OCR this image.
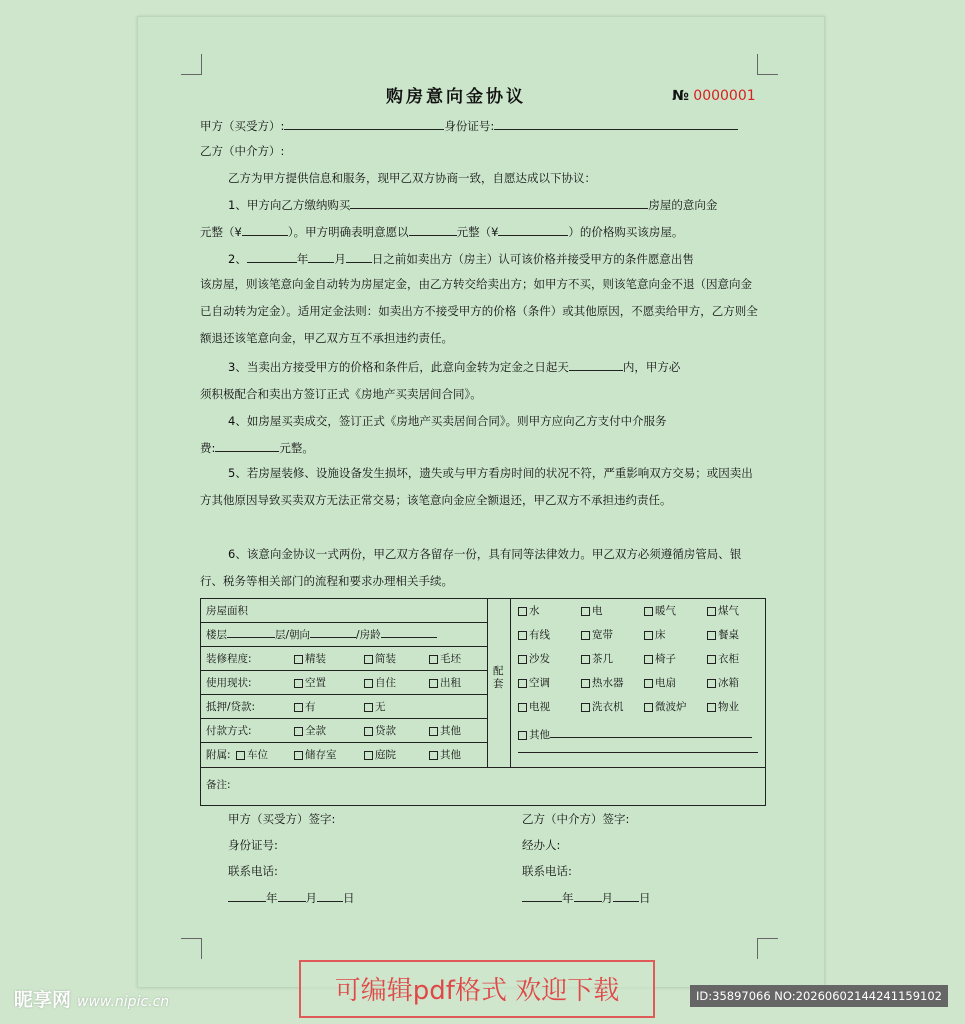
购房意向金协议	№ 0000001
甲方（买受方）:	身份证号:
乙方（中介方）:
乙方为甲方提供信息和服务，现甲乙双方协商一致，自愿达成以下协议：
1、甲方向乙方缴纳购买	房屋的意向金
元整（¥	）。甲方明确表明意愿以	元整（¥	）的价格购买该房屋。
2、	年 月 日之前如卖出方（房主）认可该价格并接受甲方的条件愿意出售
该房屋，则该笔意向金自动转为房屋定金，由乙方转交给卖出方；如甲方不买，则该笔意向金不退（因意向金已自动转为定金）。适用定金法则：如卖出方不接受甲方的价格（条件）或其他原因，不愿卖给甲方，乙方则全额退还该笔意向金，甲乙双方互不承担违约责任。
3、当卖出方接受甲方的价格和条件后，此意向金转为定金之日起天	内，甲方必
须积极配合和卖出方签订正式《房地产买卖居间合同》。
4、如房屋买卖成交，签订正式《房地产买卖居间合同》。则甲方应向乙方支付中介服务
费:	元整。
5、若房屋装修、设施设备发生损坏，遗失或与甲方看房时间的状况不符，严重影响双方交易；或因卖出方其他原因导致买卖双方无法正常交易；该笔意向金应全额退还，甲乙双方不承担违约责任。
6、该意向金协议一式两份，甲乙双方各留存一份，具有同等法律效力。甲乙双方必须遵循房管局、银行、税务等相关部门的流程和要求办理相关手续。
房屋面积
楼层	层/朝向	/房龄
装修程度:	精装	简装	毛坯
使用现状:	空置	自住	出租
抵押/贷款:	有	无
付款方式:	全款	贷款	其他
附属:	车位	储存室	庭院	其他
配套
水	电	暖气	煤气
有线	宽带	床	餐桌
沙发	茶几	椅子	衣柜
空调	热水器	电扇	冰箱
电视	洗衣机	微波炉	物业
其他
备注:
甲方（买受方）签字:
身份证号:
联系电话:
年 月 日
乙方（中介方）签字:
经办人:
联系电话:
年 月 日
可编辑pdf格式 欢迎下载
昵享网 www.nipic.cn	ID:35897066 NO:20260602144241159102
